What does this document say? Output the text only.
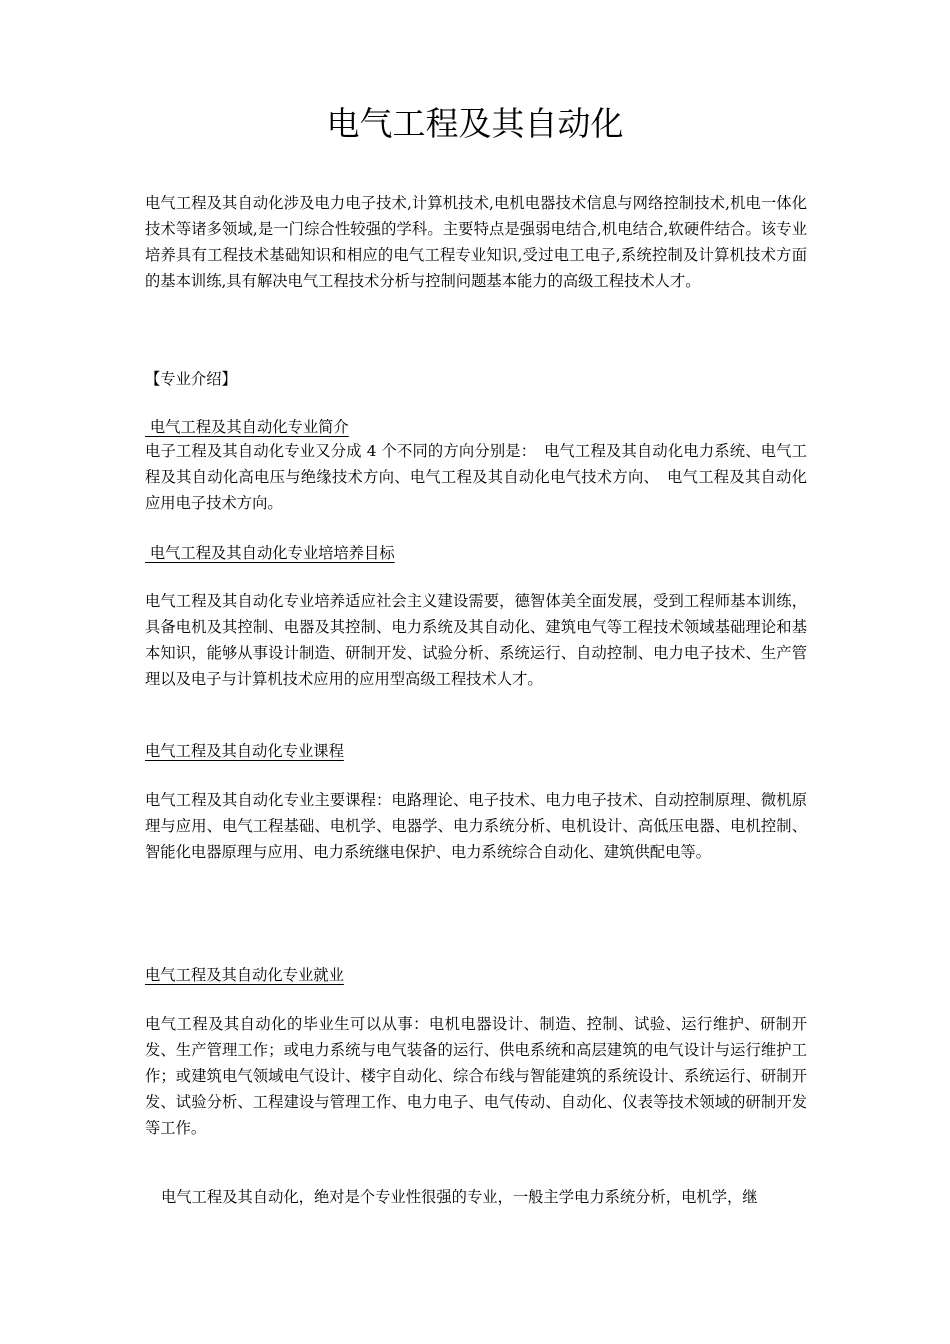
电气工程及其自动化

电气工程及其自动化涉及电力电子技术,计算机技术,电机电器技术信息与网络控制技术,机电一体化技术等诸多领域,是一门综合性较强的学科。主要特点是强弱电结合,机电结合,软硬件结合。该专业培养具有工程技术基础知识和相应的电气工程专业知识,受过电工电子,系统控制及计算机技术方面的基本训练,具有解决电气工程技术分析与控制问题基本能力的高级工程技术人才。

【专业介绍】

电气工程及其自动化专业简介

电子工程及其自动化专业又分成 4 个不同的方向分别是：　电气工程及其自动化电力系统、电气工程及其自动化高电压与绝缘技术方向、电气工程及其自动化电气技术方向、　电气工程及其自动化应用电子技术方向。

电气工程及其自动化专业培培养目标

电气工程及其自动化专业培养适应社会主义建设需要，德智体美全面发展，受到工程师基本训练，具备电机及其控制、电器及其控制、电力系统及其自动化、建筑电气等工程技术领域基础理论和基本知识，能够从事设计制造、研制开发、试验分析、系统运行、自动控制、电力电子技术、生产管理以及电子与计算机技术应用的应用型高级工程技术人才。

电气工程及其自动化专业课程

电气工程及其自动化专业主要课程：电路理论、电子技术、电力电子技术、自动控制原理、微机原理与应用、电气工程基础、电机学、电器学、电力系统分析、电机设计、高低压电器、电机控制、智能化电器原理与应用、电力系统继电保护、电力系统综合自动化、建筑供配电等。

电气工程及其自动化专业就业

电气工程及其自动化的毕业生可以从事：电机电器设计、制造、控制、试验、运行维护、研制开发、生产管理工作；或电力系统与电气装备的运行、供电系统和高层建筑的电气设计与运行维护工作；或建筑电气领域电气设计、楼宇自动化、综合布线与智能建筑的系统设计、系统运行、研制开发、试验分析、工程建设与管理工作、电力电子、电气传动、自动化、仪表等技术领域的研制开发等工作。

电气工程及其自动化，绝对是个专业性很强的专业，一般主学电力系统分析，电机学，继
